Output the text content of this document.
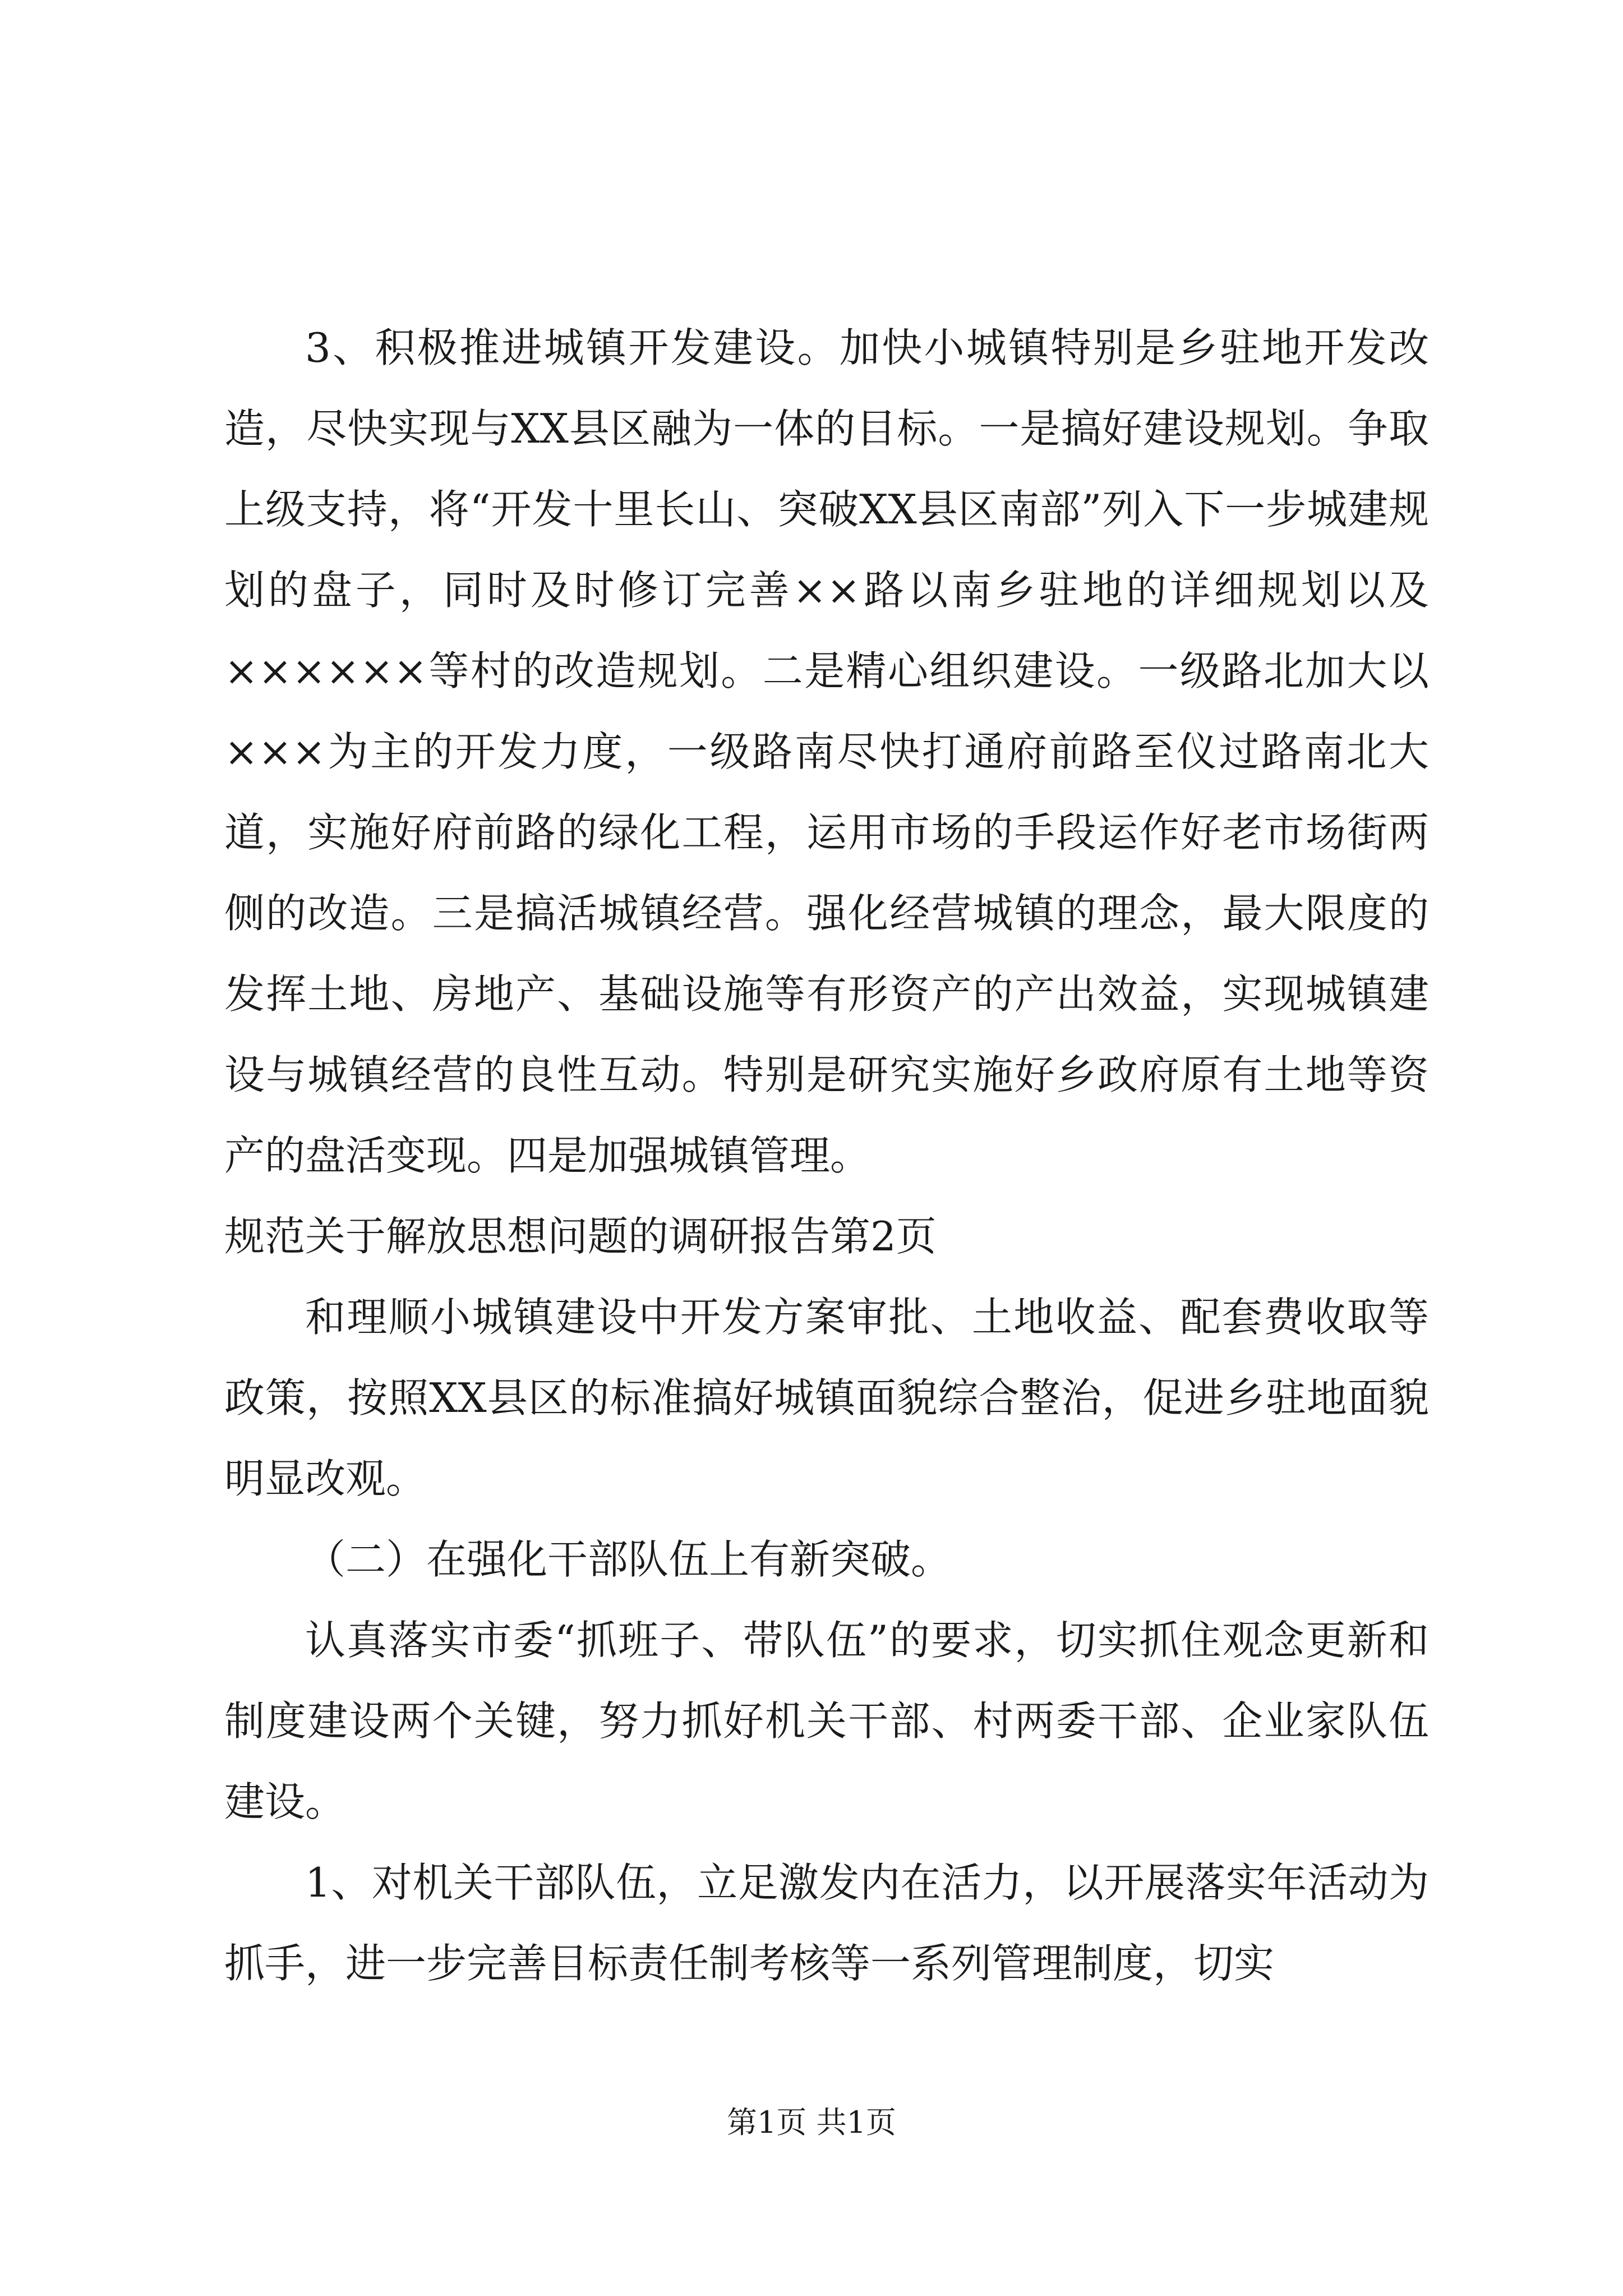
3、积极推进城镇开发建设。加快小城镇特别是乡驻地开发改造，尽快实现与XX县区融为一体的目标。一是搞好建设规划。争取上级支持，将“开发十里长山、突破XX县区南部”列入下一步城建规划的盘子，同时及时修订完善××路以南乡驻地的详细规划以及××××××等村的改造规划。二是精心组织建设。一级路北加大以×××为主的开发力度，一级路南尽快打通府前路至仪过路南北大道，实施好府前路的绿化工程，运用市场的手段运作好老市场街两侧的改造。三是搞活城镇经营。强化经营城镇的理念，最大限度的发挥土地、房地产、基础设施等有形资产的产出效益，实现城镇建设与城镇经营的良性互动。特别是研究实施好乡政府原有土地等资产的盘活变现。四是加强城镇管理。

规范关于解放思想问题的调研报告第2页

和理顺小城镇建设中开发方案审批、土地收益、配套费收取等政策，按照XX县区的标准搞好城镇面貌综合整治，促进乡驻地面貌明显改观。

（二）在强化干部队伍上有新突破。

认真落实市委“抓班子、带队伍”的要求，切实抓住观念更新和制度建设两个关键，努力抓好机关干部、村两委干部、企业家队伍建设。

1、对机关干部队伍，立足激发内在活力，以开展落实年活动为抓手，进一步完善目标责任制考核等一系列管理制度，切实

第1页 共1页
